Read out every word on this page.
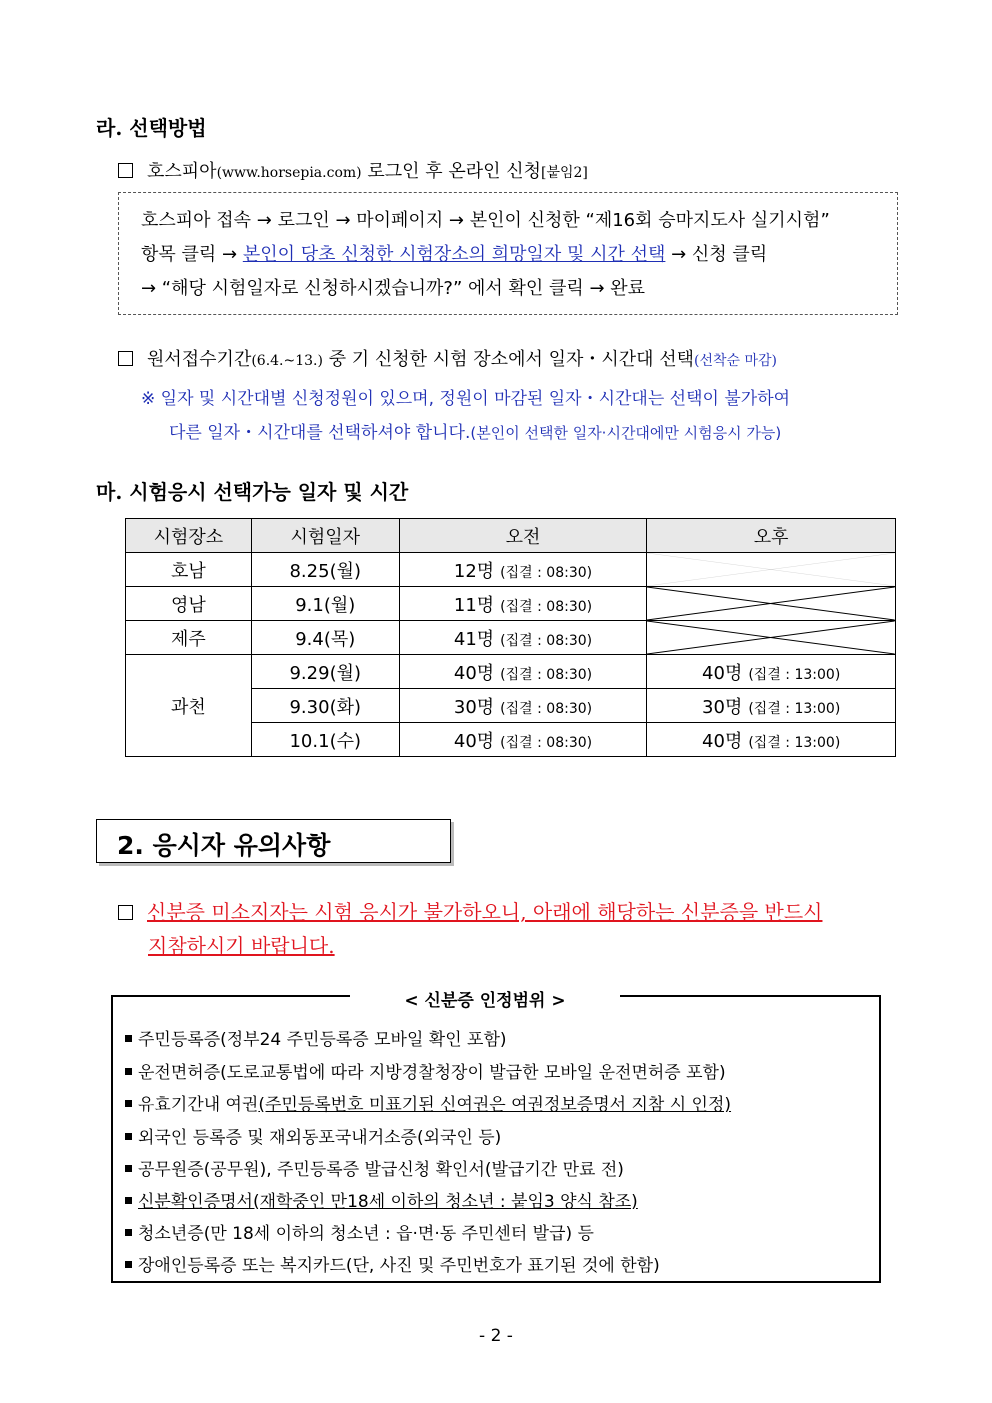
라. 선택방법
호스피아(www.horsepia.com) 로그인 후 온라인 신청[붙임2]
호스피아 접속 → 로그인 → 마이페이지 → 본인이 신청한 “제16회 승마지도사 실기시험”
항목 클릭 → 본인이 당초 신청한 시험장소의 희망일자 및 시간 선택 → 신청 클릭
→ “해당 시험일자로 신청하시겠습니까?” 에서 확인 클릭 → 완료
원서접수기간(6.4.~13.) 중 기 신청한 시험 장소에서 일자・시간대 선택(선착순 마감)
※ 일자 및 시간대별 신청정원이 있으며, 정원이 마감된 일자・시간대는 선택이 불가하여
다른 일자・시간대를 선택하셔야 합니다.(본인이 선택한 일자·시간대에만 시험응시 가능)
마. 시험응시 선택가능 일자 및 시간
시험장소	시험일자	오전	오후
호남	8.25(월)	12명 (집결 : 08:30)	

영남	9.1(월)	11명 (집결 : 08:30)	

제주	9.4(목)	41명 (집결 : 08:30)	

과천	9.29(월)	40명 (집결 : 08:30)	40명 (집결 : 13:00)
	9.30(화)	30명 (집결 : 08:30)	30명 (집결 : 13:00)
	10.1(수)	40명 (집결 : 08:30)	40명 (집결 : 13:00)
2. 응시자 유의사항
신분증 미소지자는 시험 응시가 불가하오니, 아래에 해당하는 신분증을 반드시
지참하시기 바랍니다.
< 신분증 인정범위 >
주민등록증(정부24 주민등록증 모바일 확인 포함)
운전면허증(도로교통법에 따라 지방경찰청장이 발급한 모바일 운전면허증 포함)
유효기간내 여권(주민등록번호 미표기된 신여권은 여권정보증명서 지참 시 인정)
외국인 등록증 및 재외동포국내거소증(외국인 등)
공무원증(공무원), 주민등록증 발급신청 확인서(발급기간 만료 전)
신분확인증명서(재학중인 만18세 이하의 청소년 : 붙임3 양식 참조)
청소년증(만 18세 이하의 청소년 : 읍·면·동 주민센터 발급) 등
장애인등록증 또는 복지카드(단, 사진 및 주민번호가 표기된 것에 한함)
- 2 -
